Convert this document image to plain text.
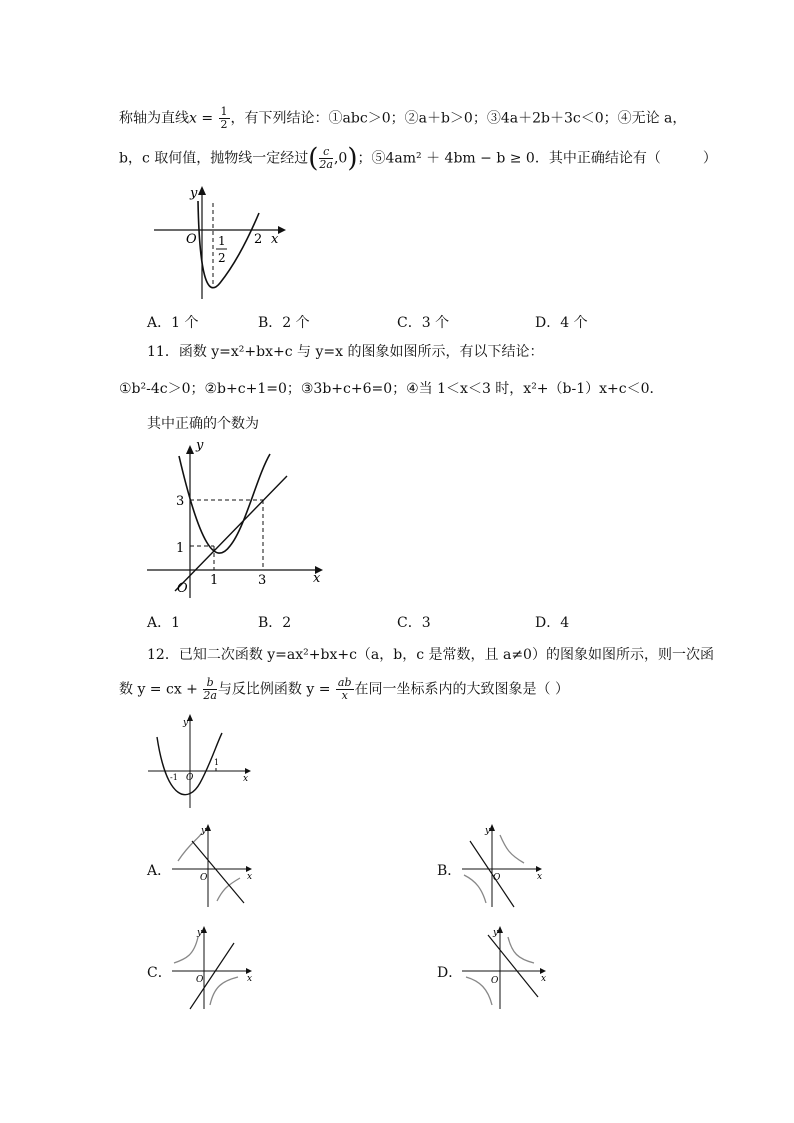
称轴为直线$x = \frac{1}{2}$ ，有下列结论：①abc＞0；②a＋b＞0；③4a＋2b＋3c＜0；④无论 a，
b，c 取何值，抛物线一定经过( $\frac{c}{2a} ,0$)；⑤4am² ＋ 4bm − b ≥ 0．其中正确结论有（　　　）
y
O	2 x
1
2
A．1 个	B．2 个	C．3 个	D．4 个
11．函数 y=x²+bx+c 与 y=x 的图象如图所示，有以下结论：
①b²-4c＞0；②b+c+1=0；③3b+c+6=0；④当 1＜x＜3 时，x²+（b-1）x+c＜0．
其中正确的个数为
y
x
O
3
1
1	3
A．1	B．2	C．3	D．4
12．已知二次函数 y=ax²+bx+c（a，b，c 是常数，且 a≠0）的图象如图所示，则一次函
数 y = cx + $\frac{b}{2a}$ 与反比例函数 $y = \frac{ab}{x}$ 在同一坐标系内的大致图象是（ ）
y
x
O
-1
1
A．
y
x
O	B．
y
x
O
C．
y
x
O	D．
y
x
O
